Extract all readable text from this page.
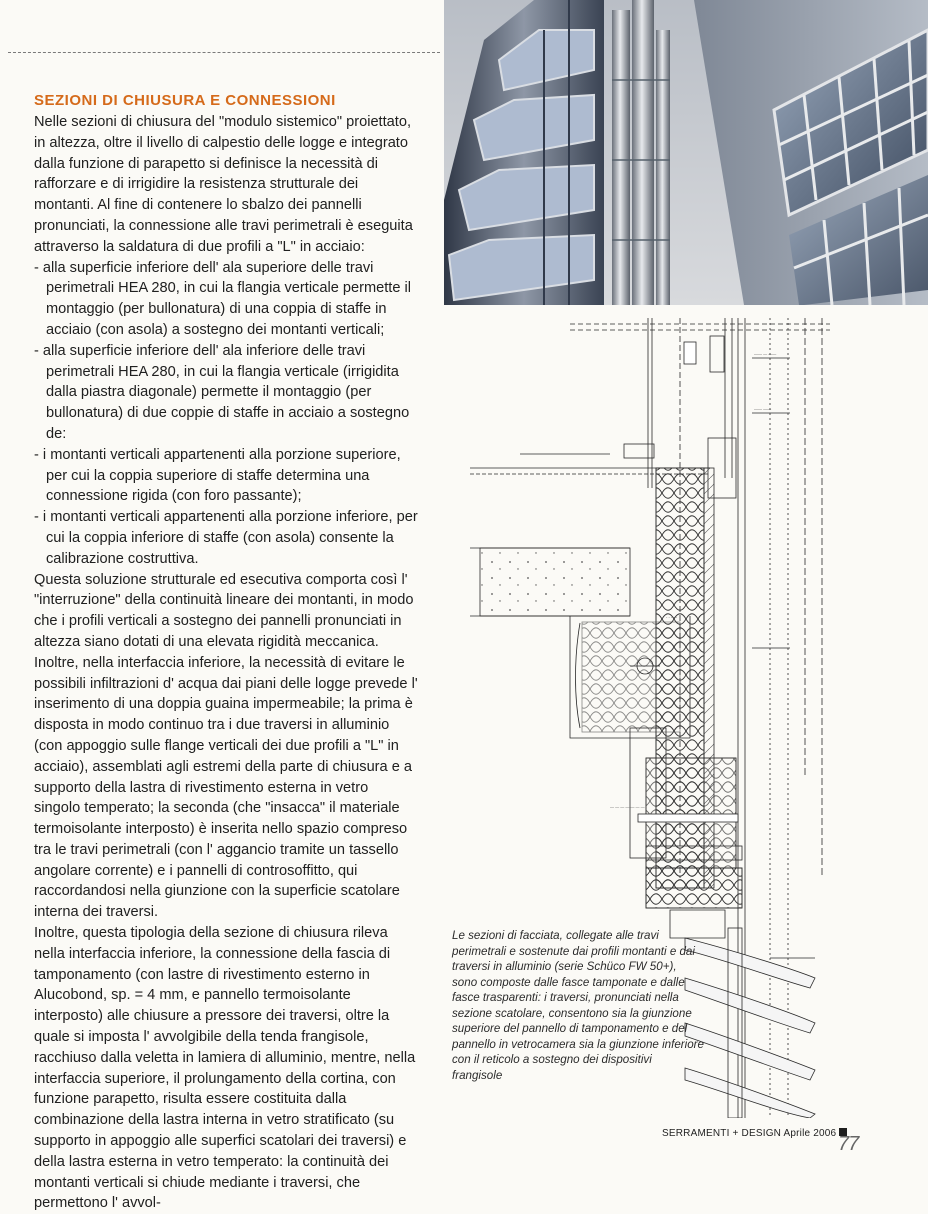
SEZIONI DI CHIUSURA E CONNESSIONI

Nelle sezioni di chiusura del "modulo sistemico" proiettato, in altezza, oltre il livello di calpestio delle logge e integrato dalla funzione di parapetto si definisce la necessità di rafforzare e di irrigidire la resistenza strutturale dei montanti. Al fine di contenere lo sbalzo dei pannelli pronunciati, la connessione alle travi perimetrali è eseguita attraverso la saldatura di due profili a "L" in acciaio:

- alla superficie inferiore dell' ala superiore delle travi perimetrali HEA 280, in cui la flangia verticale permette il montaggio (per bullonatura) di una coppia di staffe in acciaio (con asola) a sostegno dei montanti verticali;

- alla superficie inferiore dell' ala inferiore delle travi perimetrali HEA 280, in cui la flangia verticale (irrigidita dalla piastra diagonale) permette il montaggio (per bullonatura) di due coppie di staffe in acciaio a sostegno de:

- i montanti verticali appartenenti alla porzione superiore, per cui la coppia superiore di staffe determina una connessione rigida (con foro passante);

- i montanti verticali appartenenti alla porzione inferiore, per cui la coppia inferiore di staffe (con asola) consente la calibrazione costruttiva.

Questa soluzione strutturale ed esecutiva comporta così l' "interruzione" della continuità lineare dei montanti, in modo che i profili verticali a sostegno dei pannelli pronunciati in altezza siano dotati di una elevata rigidità meccanica. Inoltre, nella interfaccia inferiore, la necessità di evitare le possibili infiltrazioni d' acqua dai piani delle logge prevede l' inserimento di una doppia guaina impermeabile; la prima è disposta in modo continuo tra i due traversi in alluminio (con appoggio sulle flange verticali dei due profili a "L" in acciaio), assemblati agli estremi della parte di chiusura e a supporto della lastra di rivestimento esterna in vetro singolo temperato; la seconda (che "insacca" il materiale termoisolante interposto) è inserita nello spazio compreso tra le travi perimetrali (con l' aggancio tramite un tassello angolare corrente) e i pannelli di controsoffitto, qui raccordandosi nella giunzione con la superficie scatolare interna dei traversi.

Inoltre, questa tipologia della sezione di chiusura rileva nella interfaccia inferiore, la connessione della fascia di tamponamento (con lastre di rivestimento esterno in Alucobond, sp. = 4 mm, e pannello termoisolante interposto) alle chiusure a pressore dei traversi, oltre la quale si imposta l' avvolgibile della tenda frangisole, racchiuso dalla veletta in lamiera di alluminio, mentre, nella interfaccia superiore, il prolungamento della cortina, con funzione parapetto, risulta essere costituita dalla combinazione della lastra interna in vetro stratificato (su supporto in appoggio alle superfici scatolari dei traversi) e della lastra esterna in vetro temperato: la continuità dei montanti verticali si chiude mediante i traversi, che permettono l' avvol-

—— — ——
—— ——
- - - - -
— — — — — — —
Le sezioni di facciata, collegate alle travi perimetrali e sostenute dai profili montanti e dai traversi in alluminio (serie Schüco FW 50+), sono composte dalle fasce tamponate e dalle fasce trasparenti: i traversi, pronunciati nella sezione scatolare, consentono sia la giunzione superiore del pannello di tamponamento e del pannello in vetrocamera sia la giunzione inferiore con il reticolo a sostegno dei dispositivi frangisole
SERRAMENTI + DESIGN Aprile 2006 77
